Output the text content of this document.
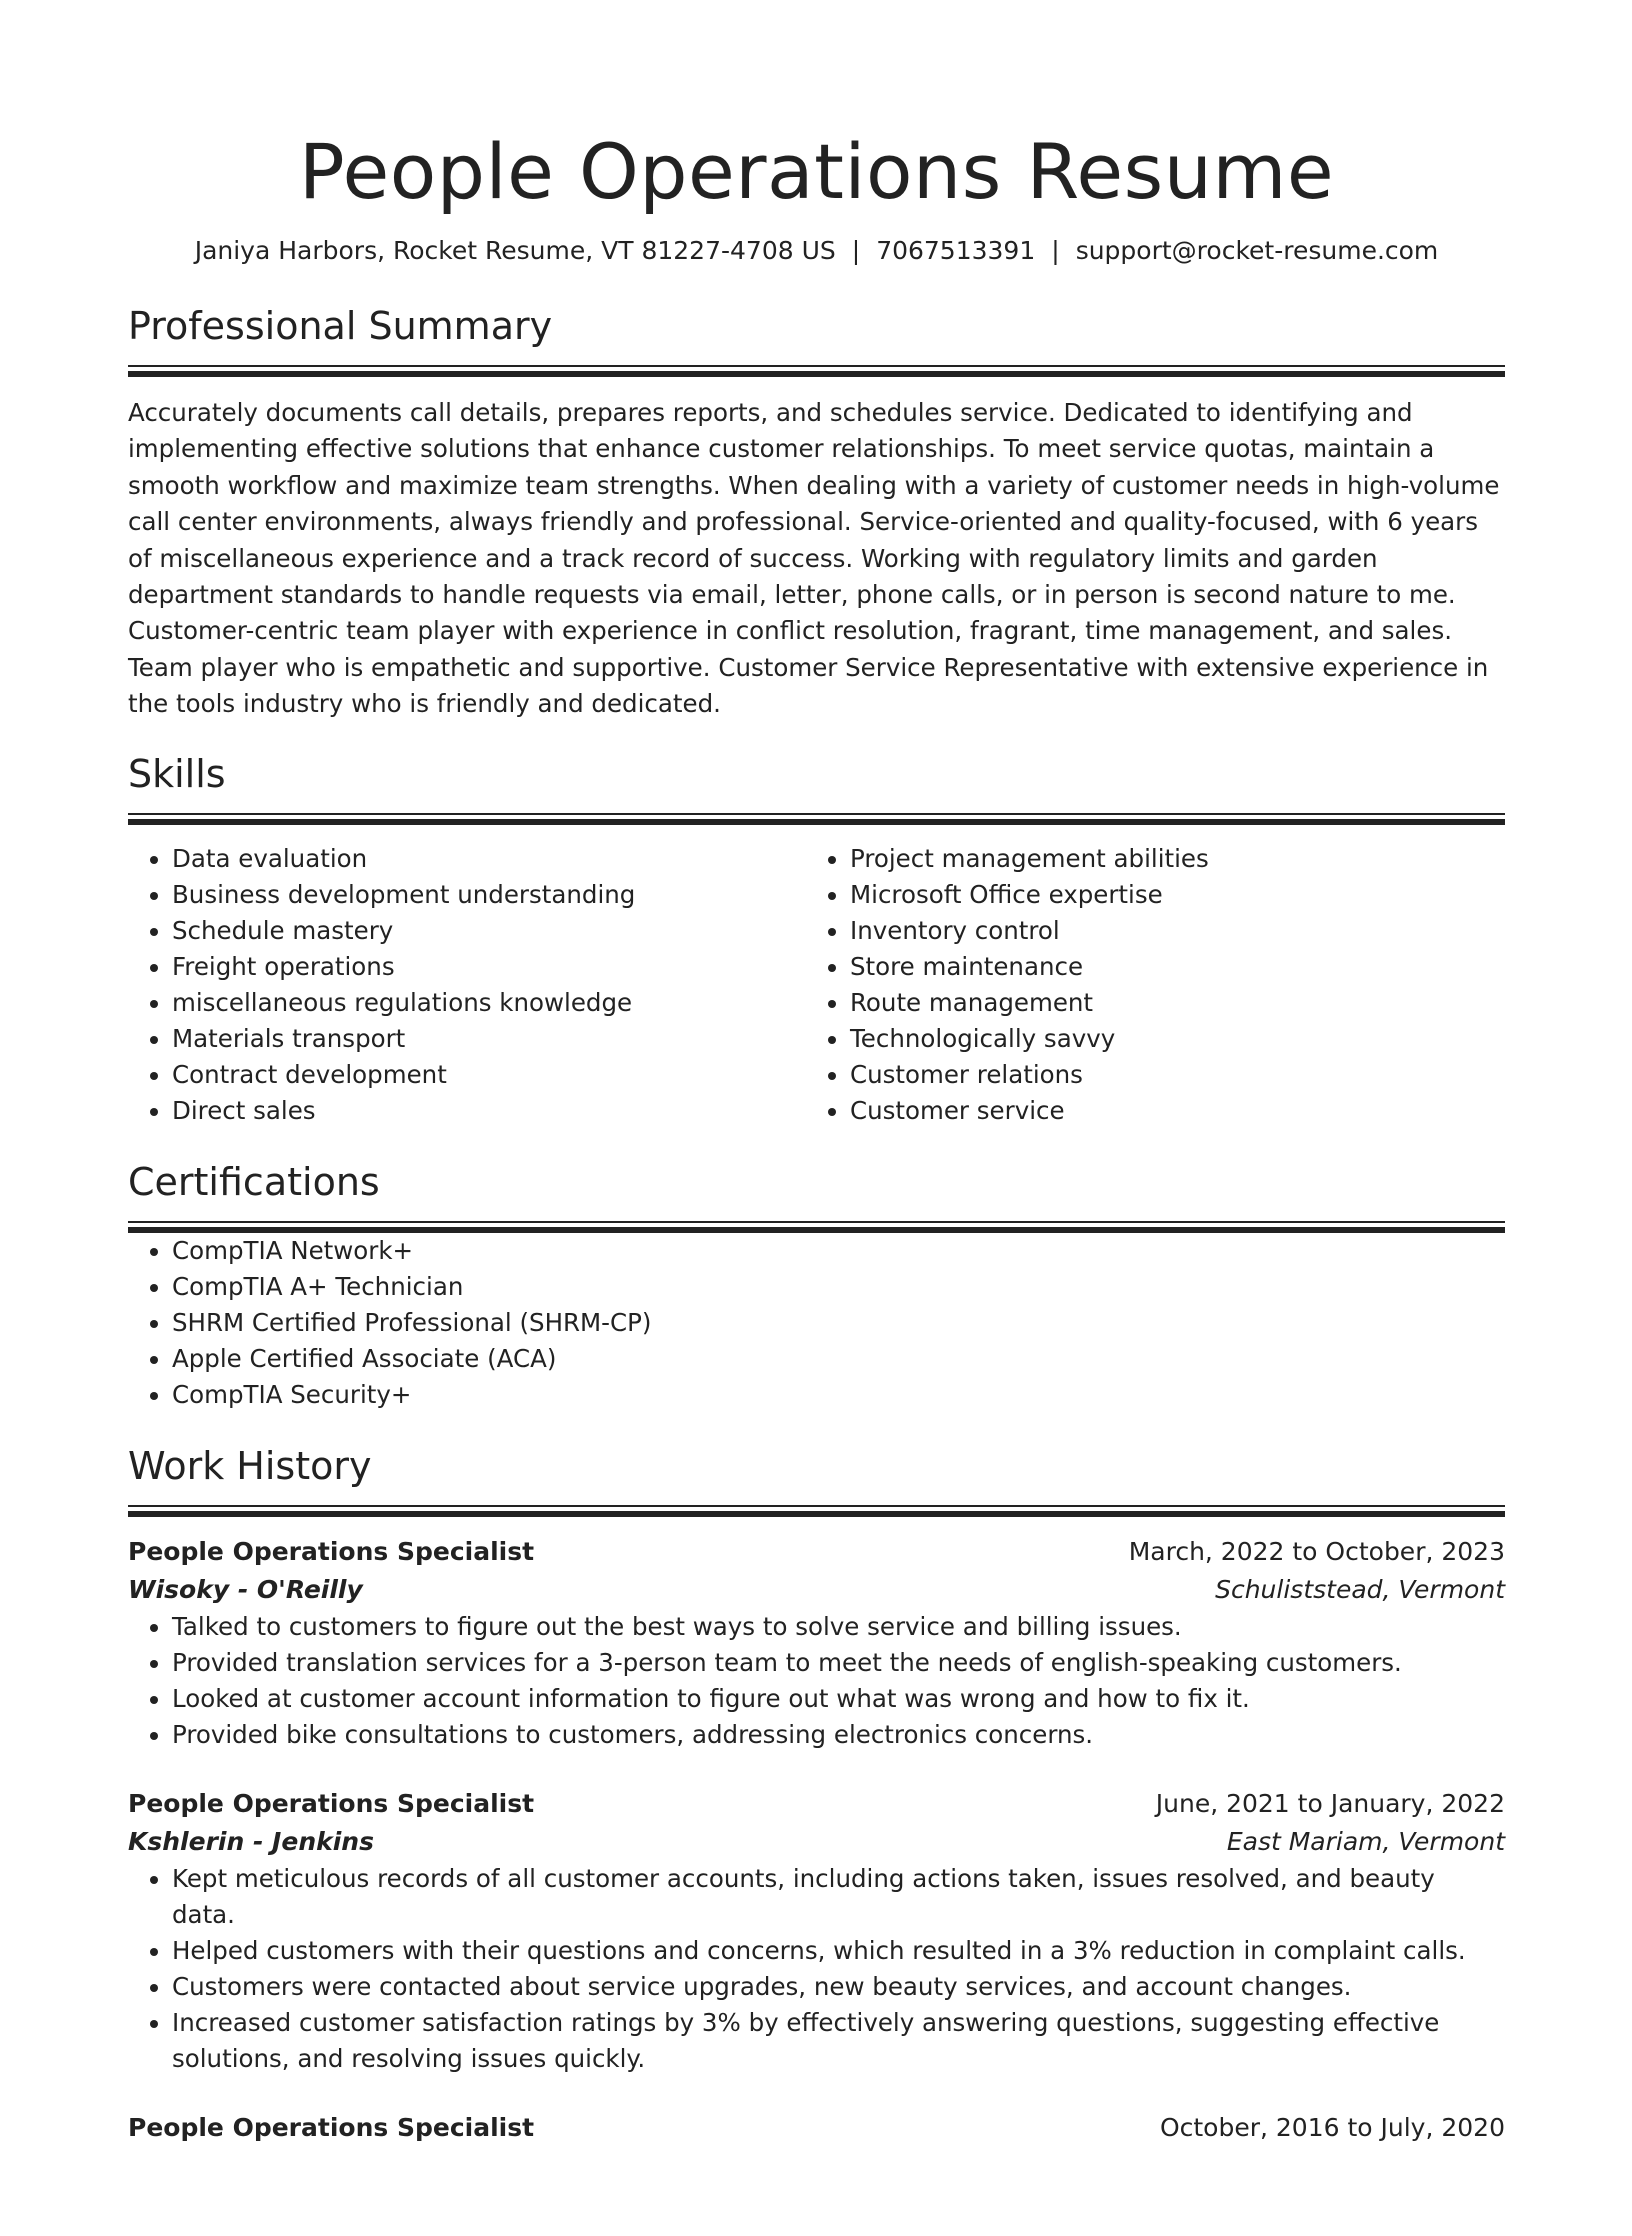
People Operations Resume
Janiya Harbors, Rocket Resume, VT 81227-4708 US | 7067513391 | support@rocket-resume.com
Professional Summary

Accurately documents call details, prepares reports, and schedules service. Dedicated to identifying and implementing effective solutions that enhance customer relationships. To meet service quotas, maintain a smooth workflow and maximize team strengths. When dealing with a variety of customer needs in high-volume call center environments, always friendly and professional. Service-oriented and quality-focused, with 6 years of miscellaneous experience and a track record of success. Working with regulatory limits and garden department standards to handle requests via email, letter, phone calls, or in person is second nature to me. Customer-centric team player with experience in conflict resolution, fragrant, time management, and sales. Team player who is empathetic and supportive. Customer Service Representative with extensive experience in the tools industry who is friendly and dedicated.

Skills
• Data evaluation
• Business development understanding
• Schedule mastery
• Freight operations
• miscellaneous regulations knowledge
• Materials transport
• Contract development
• Direct sales
• Project management abilities
• Microsoft Office expertise
• Inventory control
• Store maintenance
• Route management
• Technologically savvy
• Customer relations
• Customer service
Certifications
• CompTIA Network+
• CompTIA A+ Technician
• SHRM Certified Professional (SHRM-CP)
• Apple Certified Associate (ACA)
• CompTIA Security+
Work History
People Operations Specialist	March, 2022 to October, 2023
Wisoky - O'Reilly	Schuliststead, Vermont
• Talked to customers to figure out the best ways to solve service and billing issues.
• Provided translation services for a 3-person team to meet the needs of english-speaking customers.
• Looked at customer account information to figure out what was wrong and how to fix it.
• Provided bike consultations to customers, addressing electronics concerns.
People Operations Specialist	June, 2021 to January, 2022
Kshlerin - Jenkins	East Mariam, Vermont
• Kept meticulous records of all customer accounts, including actions taken, issues resolved, and beauty data.
• Helped customers with their questions and concerns, which resulted in a 3% reduction in complaint calls.
• Customers were contacted about service upgrades, new beauty services, and account changes.
• Increased customer satisfaction ratings by 3% by effectively answering questions, suggesting effective solutions, and resolving issues quickly.
People Operations Specialist	October, 2016 to July, 2020
